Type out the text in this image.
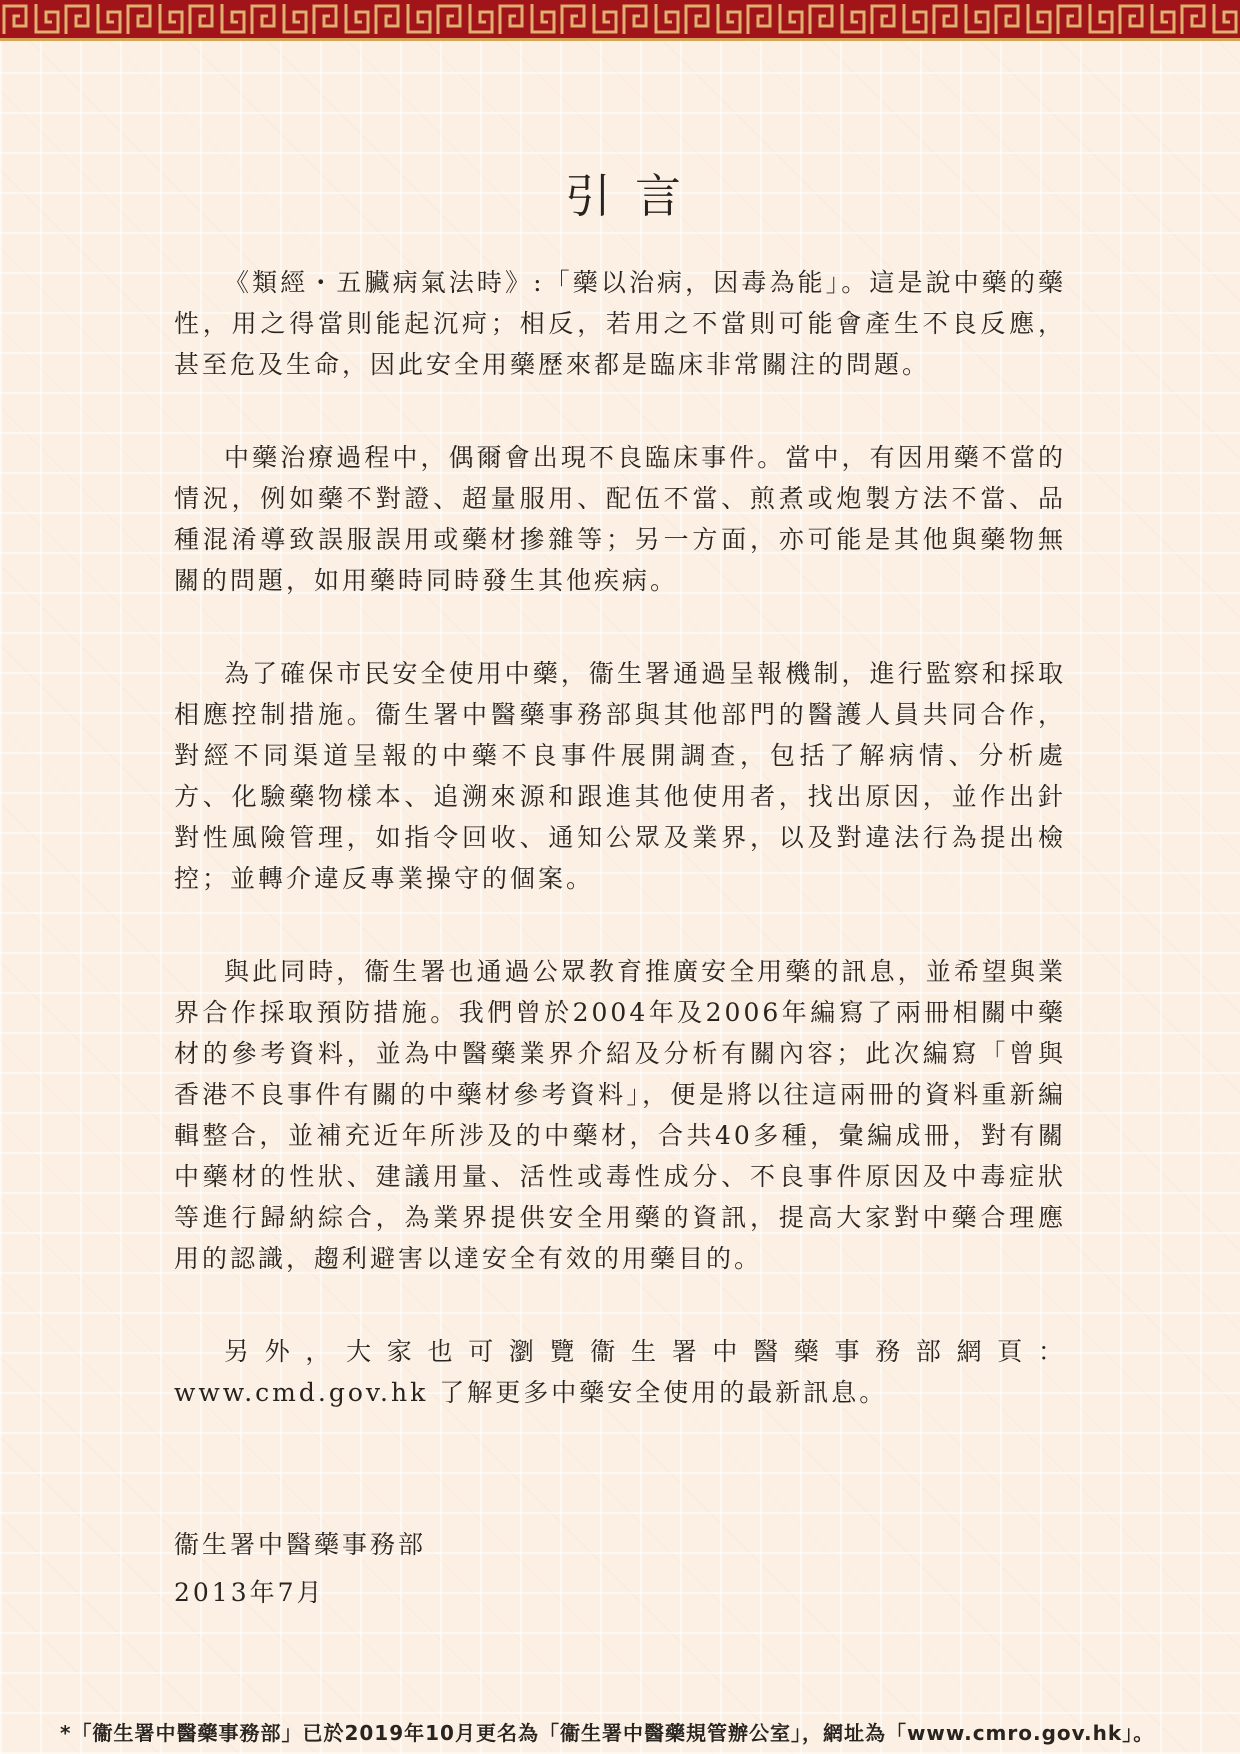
引言

《類經・五臟病氣法時》:「藥以治病，因毒為能」。這是說中藥的藥性，用之得當則能起沉疴；相反，若用之不當則可能會產生不良反應，甚至危及生命，因此安全用藥歷來都是臨床非常關注的問題。

中藥治療過程中，偶爾會出現不良臨床事件。當中，有因用藥不當的情況，例如藥不對證、超量服用、配伍不當、煎煮或炮製方法不當、品種混淆導致誤服誤用或藥材摻雜等；另一方面，亦可能是其他與藥物無關的問題，如用藥時同時發生其他疾病。

為了確保市民安全使用中藥，衞生署通過呈報機制，進行監察和採取相應控制措施。衞生署中醫藥事務部與其他部門的醫護人員共同合作，對經不同渠道呈報的中藥不良事件展開調查，包括了解病情、分析處方、化驗藥物樣本、追溯來源和跟進其他使用者，找出原因，並作出針對性風險管理，如指令回收、通知公眾及業界，以及對違法行為提出檢控；並轉介違反專業操守的個案。

與此同時，衞生署也通過公眾教育推廣安全用藥的訊息，並希望與業界合作採取預防措施。我們曾於2004年及2006年編寫了兩冊相關中藥材的參考資料，並為中醫藥業界介紹及分析有關內容；此次編寫「曾與香港不良事件有關的中藥材參考資料」，便是將以往這兩冊的資料重新編輯整合，並補充近年所涉及的中藥材，合共40多種，彙編成冊，對有關中藥材的性狀、建議用量、活性或毒性成分、不良事件原因及中毒症狀等進行歸納綜合，為業界提供安全用藥的資訊，提高大家對中藥合理應用的認識，趨利避害以達安全有效的用藥目的。

另外，大家也可瀏覽衞生署中醫藥事務部網頁：www.cmd.gov.hk 了解更多中藥安全使用的最新訊息。

衞生署中醫藥事務部
2013年7月
*「衞生署中醫藥事務部」已於2019年10月更名為「衞生署中醫藥規管辦公室」，網址為「www.cmro.gov.hk」。
